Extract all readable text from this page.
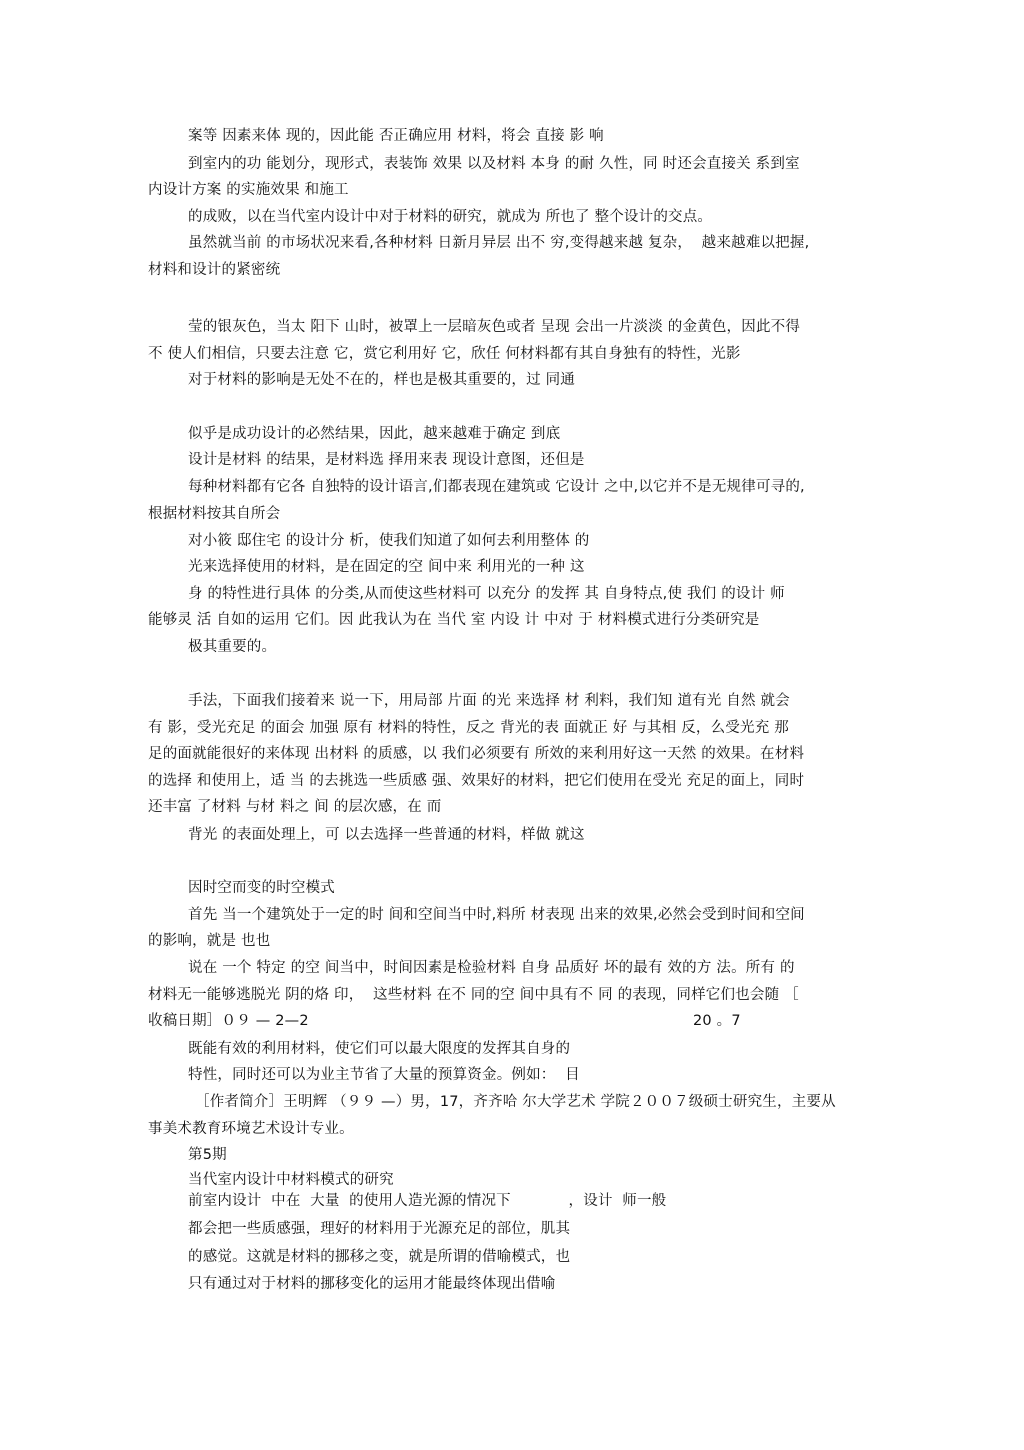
案等 因素来体 现的，因此能 否正确应用 材料，将会 直接 影 响
到室内的功 能划分，现形式，表装饰 效果 以及材料 本身 的耐 久性，同 时还会直接关 系到室
内设计方案 的实施效果 和施工
的成败，以在当代室内设计中对于材料的研究，就成为 所也了 整个设计的交点。
虽然就当前 的市场状况来看,各种材料 日新月异层 出不 穷,变得越来越 复杂，  越来越难以把握,
材料和设计的紧密统
莹的银灰色，当太 阳下 山时，被罩上一层暗灰色或者 呈现 会出一片淡淡 的金黄色，因此不得
不 使人们相信，只要去注意 它，赏它利用好 它，欣任 何材料都有其自身独有的特性，光影
对于材料的影响是无处不在的，样也是极其重要的，过 同通
似乎是成功设计的必然结果，因此，越来越难于确定 到底
设计是材料 的结果，是材料选 择用来表 现设计意图，还但是
每种材料都有它各 自独特的设计语言,们都表现在建筑或 它设计 之中,以它并不是无规律可寻的,
根据材料按其自所会
对小筱 邸住宅 的设计分 析，使我们知道了如何去利用整体 的
光来选择使用的材料，是在固定的空 间中来 利用光的一种 这
身 的特性进行具体 的分类,从而使这些材料可 以充分 的发挥 其 自身特点,使 我们 的设计 师
能够灵 活 自如的运用 它们。因 此我认为在 当代 室 内设 计 中对 于 材料模式进行分类研究是
极其重要的。
手法，下面我们接着来 说一下，用局部 片面 的光 来选择 材 利料，我们知 道有光 自然 就会
有 影，受光充足 的面会 加强 原有 材料的特性，反之 背光的表 面就正 好 与其相 反，么受光充 那
足的面就能很好的来体现 出材料 的质感，以 我们必须要有 所效的来利用好这一天然 的效果。在材料
的选择 和使用上，适 当 的去挑选一些质感 强、效果好的材料，把它们使用在受光 充足的面上，同时
还丰富 了材料 与材 料之 间 的层次感，在 而
背光 的表面处理上，可 以去选择一些普通的材料，样做 就这
因时空而变的时空模式
首先 当一个建筑处于一定的时 间和空间当中时,料所 材表现 出来的效果,必然会受到时间和空间
的影响，就是 也也
说在 一个 特定 的空 间当中，时间因素是检验材料 自身 品质好 坏的最有 效的方 法。所有 的
材料无一能够逃脱光 阴的烙 印，  这些材料 在不 同的空 间中具有不 同 的表现，同样它们也会随 ［
收稿日期］０９ — 2—2	20 。7
既能有效的利用材料，使它们可以最大限度的发挥其自身的
特性，同时还可以为业主节省了大量的预算资金。例如：  目
［作者简介］王明辉 （９９ —）男，17，齐齐哈 尔大学艺术 学院２００７级硕士研究生，主要从
事美术教育环境艺术设计专业。
第5期
当代室内设计中材料模式的研究
前室内设计  中在  大量  的使用人造光源的情况下            ，设计  师一般
都会把一些质感强，理好的材料用于光源充足的部位，肌其
的感觉。这就是材料的挪移之变，就是所谓的借喻模式，也
只有通过对于材料的挪移变化的运用才能最终体现出借喻
